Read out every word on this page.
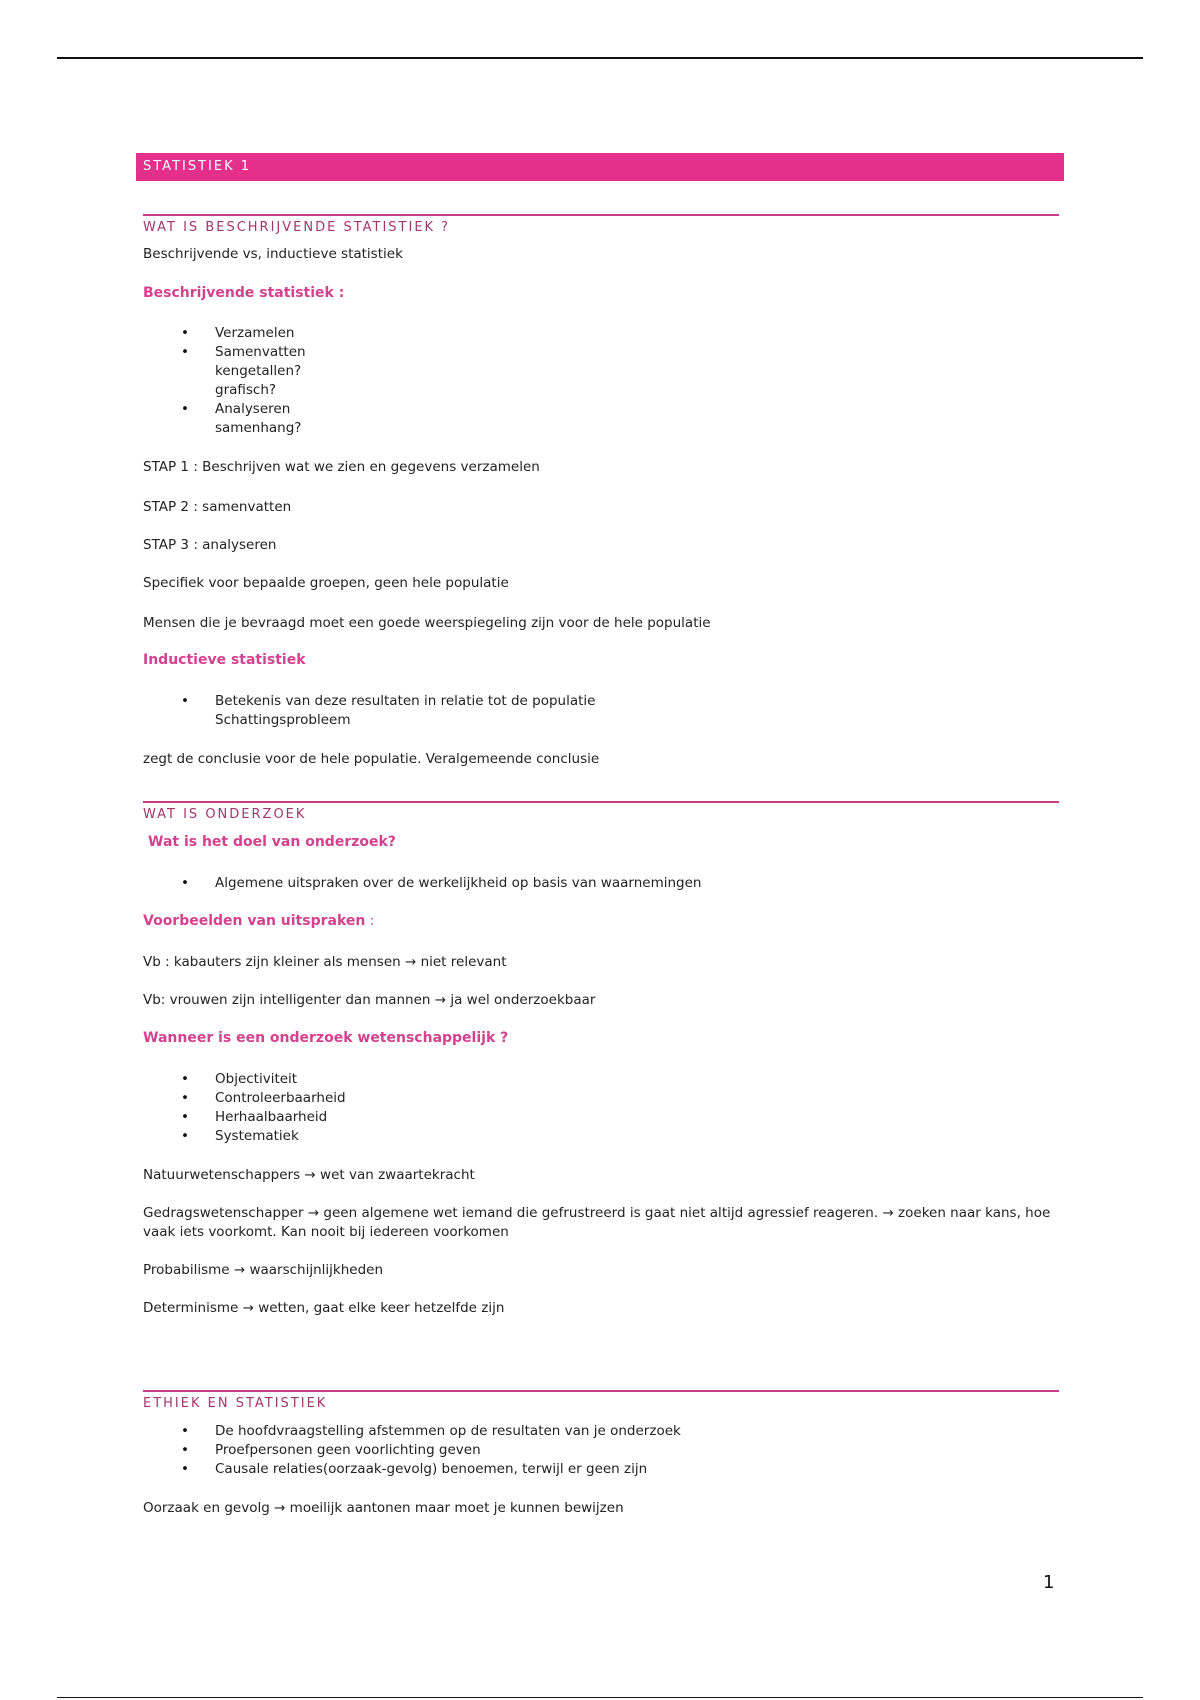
STATISTIEK 1
WAT IS BESCHRIJVENDE STATISTIEK ?
Beschrijvende vs, inductieve statistiek
Beschrijvende statistiek :
• Verzamelen
• Samenvatten
kengetallen?
grafisch?
• Analyseren
samenhang?
STAP 1 : Beschrijven wat we zien en gegevens verzamelen
STAP 2 : samenvatten
STAP 3 : analyseren
Specifiek voor bepaalde groepen, geen hele populatie
Mensen die je bevraagd moet een goede weerspiegeling zijn voor de hele populatie
Inductieve statistiek
• Betekenis van deze resultaten in relatie tot de populatie
Schattingsprobleem
zegt de conclusie voor de hele populatie. Veralgemeende conclusie
WAT IS ONDERZOEK
Wat is het doel van onderzoek?
• Algemene uitspraken over de werkelijkheid op basis van waarnemingen
Voorbeelden van uitspraken :
Vb : kabauters zijn kleiner als mensen → niet relevant
Vb: vrouwen zijn intelligenter dan mannen → ja wel onderzoekbaar
Wanneer is een onderzoek wetenschappelijk ?
• Objectiviteit
• Controleerbaarheid
• Herhaalbaarheid
• Systematiek
Natuurwetenschappers → wet van zwaartekracht
Gedragswetenschapper → geen algemene wet iemand die gefrustreerd is gaat niet altijd agressief reageren. → zoeken naar kans, hoe vaak iets voorkomt. Kan nooit bij iedereen voorkomen
Probabilisme → waarschijnlijkheden
Determinisme → wetten, gaat elke keer hetzelfde zijn
ETHIEK EN STATISTIEK
• De hoofdvraagstelling afstemmen op de resultaten van je onderzoek
• Proefpersonen geen voorlichting geven
• Causale relaties(oorzaak-gevolg) benoemen, terwijl er geen zijn
Oorzaak en gevolg → moeilijk aantonen maar moet je kunnen bewijzen
1
